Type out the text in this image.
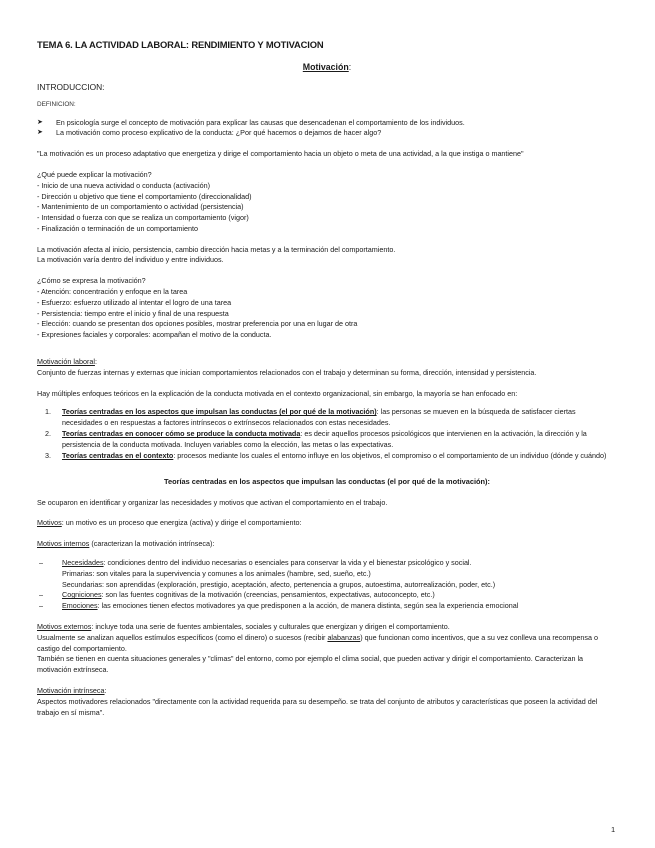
TEMA 6. LA ACTIVIDAD LABORAL: RENDIMIENTO Y MOTIVACION

Motivación:

INTRODUCCION:

DEFINICION:

➤ En psicología surge el concepto de motivación para explicar las causas que desencadenan el comportamiento de los individuos.
➤ La motivación como proceso explicativo de la conducta: ¿Por qué hacemos o dejamos de hacer algo?

"La motivación es un proceso adaptativo que energetiza y dirige el comportamiento hacia un objeto o meta de una actividad, a la que instiga o mantiene"

¿Qué puede explicar la motivación?

- Inicio de una nueva actividad o conducta (activación)

- Dirección u objetivo que tiene el comportamiento (direccionalidad)

- Mantenimiento de un comportamiento o actividad (persistencia)

- Intensidad o fuerza con que se realiza un comportamiento (vigor)

- Finalización o terminación de un comportamiento

La motivación afecta al inicio, persistencia, cambio dirección hacia metas y a la terminación del comportamiento.

La motivación varía dentro del individuo y entre individuos.

¿Cómo se expresa la motivación?

- Atención: concentración y enfoque en la tarea

- Esfuerzo: esfuerzo utilizado al intentar el logro de una tarea

- Persistencia: tiempo entre el inicio y final de una respuesta

- Elección: cuando se presentan dos opciones posibles, mostrar preferencia por una en lugar de otra

- Expresiones faciales y corporales: acompañan el motivo de la conducta.

Motivación laboral:

Conjunto de fuerzas internas y externas que inician comportamientos relacionados con el trabajo y determinan su forma, dirección, intensidad y persistencia.

Hay múltiples enfoques teóricos en la explicación de la conducta motivada en el contexto organizacional, sin embargo, la mayoría se han enfocado en:

1. Teorías centradas en los aspectos que impulsan las conductas (el por qué de la motivación): las personas se mueven en la búsqueda de satisfacer ciertas necesidades o en respuestas a factores intrínsecos o extrínsecos relacionados con estas necesidades.
2. Teorías centradas en conocer cómo se produce la conducta motivada: es decir aquellos procesos psicológicos que intervienen en la activación, la dirección y la persistencia de la conducta motivada. Incluyen variables como la elección, las metas o las expectativas.
3. Teorías centradas en el contexto: procesos mediante los cuales el entorno influye en los objetivos, el compromiso o el comportamiento de un individuo (dónde y cuándo)

Teorías centradas en los aspectos que impulsan las conductas (el por qué de la motivación):

Se ocuparon en identificar y organizar las necesidades y motivos que activan el comportamiento en el trabajo.

Motivos: un motivo es un proceso que energiza (activa) y dirige el comportamiento:

Motivos internos (caracterizan la motivación intrínseca):

– Necesidades: condiciones dentro del individuo necesarias o esenciales para conservar la vida y el bienestar psicológico y social.
Primarias: son vitales para la supervivencia y comunes a los animales (hambre, sed, sueño, etc.)
Secundarias: son aprendidas (exploración, prestigio, aceptación, afecto, pertenencia a grupos, autoestima, autorrealización, poder, etc.)
– Cogniciones: son las fuentes cognitivas de la motivación (creencias, pensamientos, expectativas, autoconcepto, etc.)
– Emociones: las emociones tienen efectos motivadores ya que predisponen a la acción, de manera distinta, según sea la experiencia emocional

Motivos externos: incluye toda una serie de fuentes ambientales, sociales y culturales que energizan y dirigen el comportamiento.

Usualmente se analizan aquellos estímulos específicos (como el dinero) o sucesos (recibir alabanzas) que funcionan como incentivos, que a su vez conlleva una recompensa o castigo del comportamiento.

También se tienen en cuenta situaciones generales y "climas" del entorno, como por ejemplo el clima social, que pueden activar y dirigir el comportamiento. Caracterizan la motivación extrínseca.

Motivación intrínseca:

Aspectos motivadores relacionados "directamente con la actividad requerida para su desempeño. se trata del conjunto de atributos y características que poseen la actividad del trabajo en sí misma".

1
